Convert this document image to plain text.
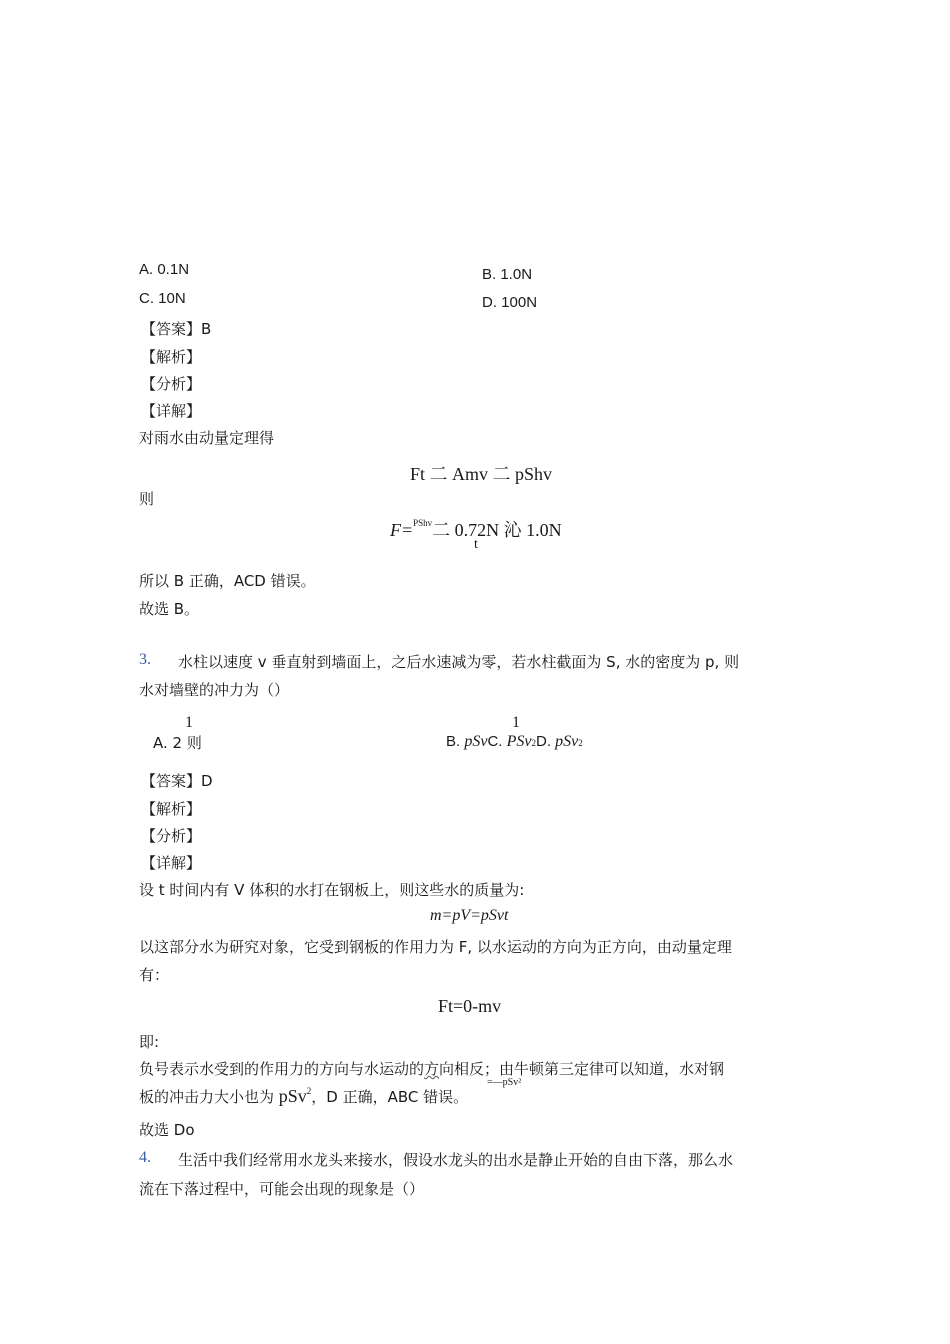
A. 0.1N	B. 1.0N
C. 10N	D. 100N
【答案】B
【解析】
【分析】
【详解】
对雨水由动量定理得
Ft 二 Amv 二 pShv
则
F=$^{PShv}$二 0.72N 沁 1.0N
t
所以 B 正确，ACD 错误。
故选 B。
3. 水柱以速度 v 垂直射到墙面上，之后水速减为零，若水柱截面为 S, 水的密度为 p, 则
水对墙壁的冲力为（）
1
A. 2 则
1
B. pSvC. PSv2D. pSv2
【答案】D
【解析】
【分析】
【详解】
设 t 时间内有 V 体积的水打在钢板上，则这些水的质量为:
m=pV=pSvt
以这部分水为研究对象，它受到钢板的作用力为 F, 以水运动的方向为正方向，由动量定理
有：
Ft=0-mv
即:
负号表示水受到的作用力的方向与水运动的方向相反；由牛顿第三定律可以知道，水对钢
=—pSv²
板的冲击力大小也为 pSv$^2$，D 正确，ABC 错误。
故选 Do
4. 生活中我们经常用水龙头来接水，假设水龙头的出水是静止开始的自由下落，那么水
流在下落过程中，可能会出现的现象是（）
